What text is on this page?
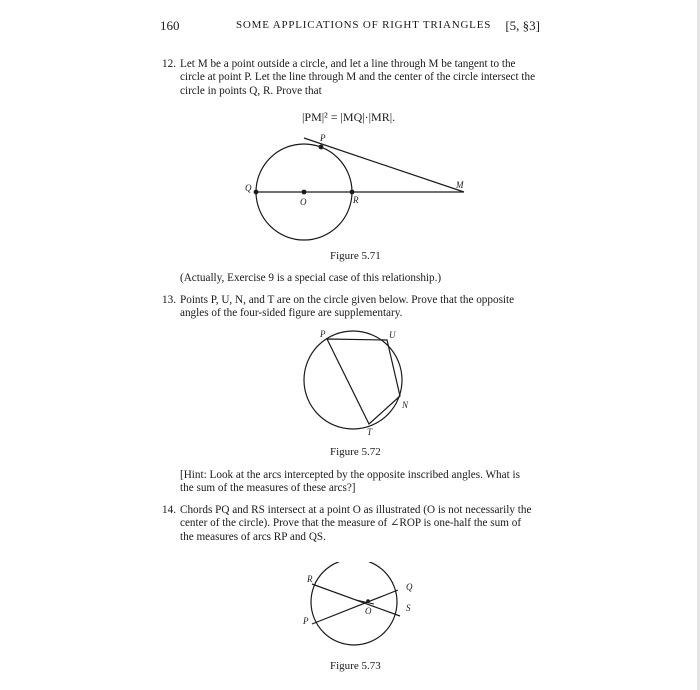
160	SOME APPLICATIONS OF RIGHT TRIANGLES [5, §3]
12. Let M be a point outside a circle, and let a line through M be tangent to the circle at point P. Let the line through M and the center of the circle intersect the circle in points Q, R. Prove that
|PM|² = |MQ|·|MR|.
P
Q
O	R
M
Figure 5.71
(Actually, Exercise 9 is a special case of this relationship.)
13. Points P, U, N, and T are on the circle given below. Prove that the opposite angles of the four-sided figure are supplementary.
P	U
N
T
Figure 5.72
[Hint: Look at the arcs intercepted by the opposite inscribed angles. What is the sum of the measures of these arcs?]
14. Chords PQ and RS intersect at a point O as illustrated (O is not necessarily the center of the circle). Prove that the measure of ∠ROP is one-half the sum of the measures of arcs RP and QS.
R
Q
O	S
P
Figure 5.73
